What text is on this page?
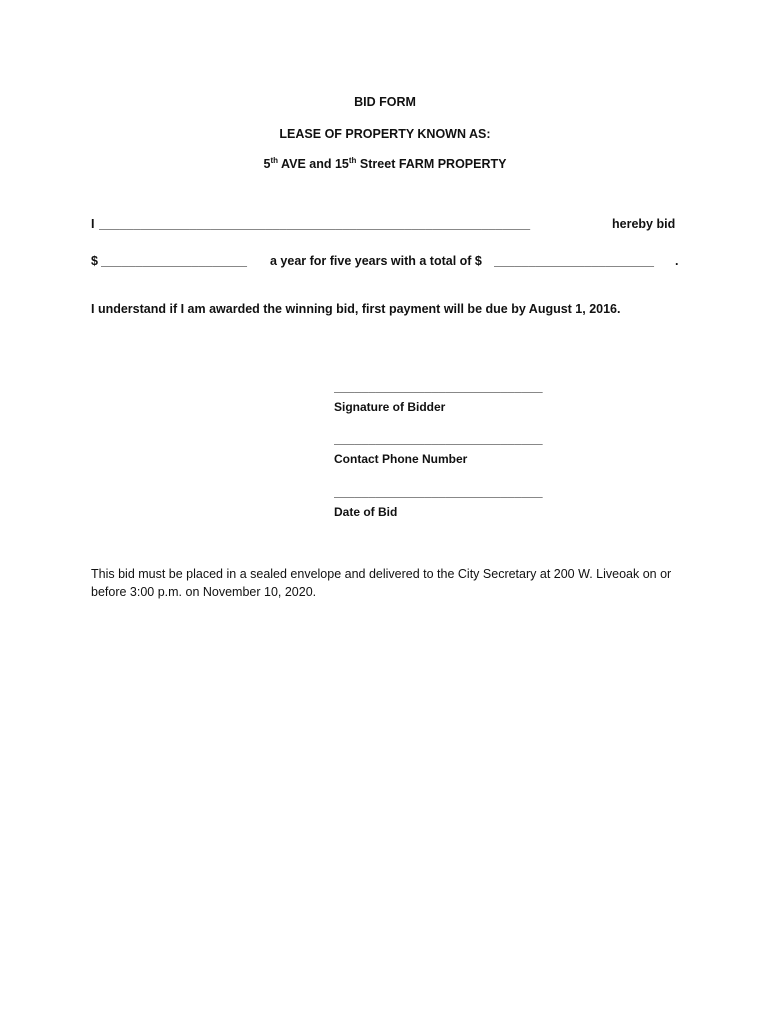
BID FORM
LEASE OF PROPERTY KNOWN AS:
5th AVE and 15th Street FARM PROPERTY
I ______________________________________________________________	hereby bid
$ _____________________	a year for five years with a total of $ _______________________	.
I understand if I am awarded the winning bid, first payment will be due by August 1, 2016.
______________________________
Signature of Bidder
______________________________
Contact Phone Number
______________________________
Date of Bid
This bid must be placed in a sealed envelope and delivered to the City Secretary at 200 W. Liveoak on or before 3:00 p.m. on November 10, 2020.
